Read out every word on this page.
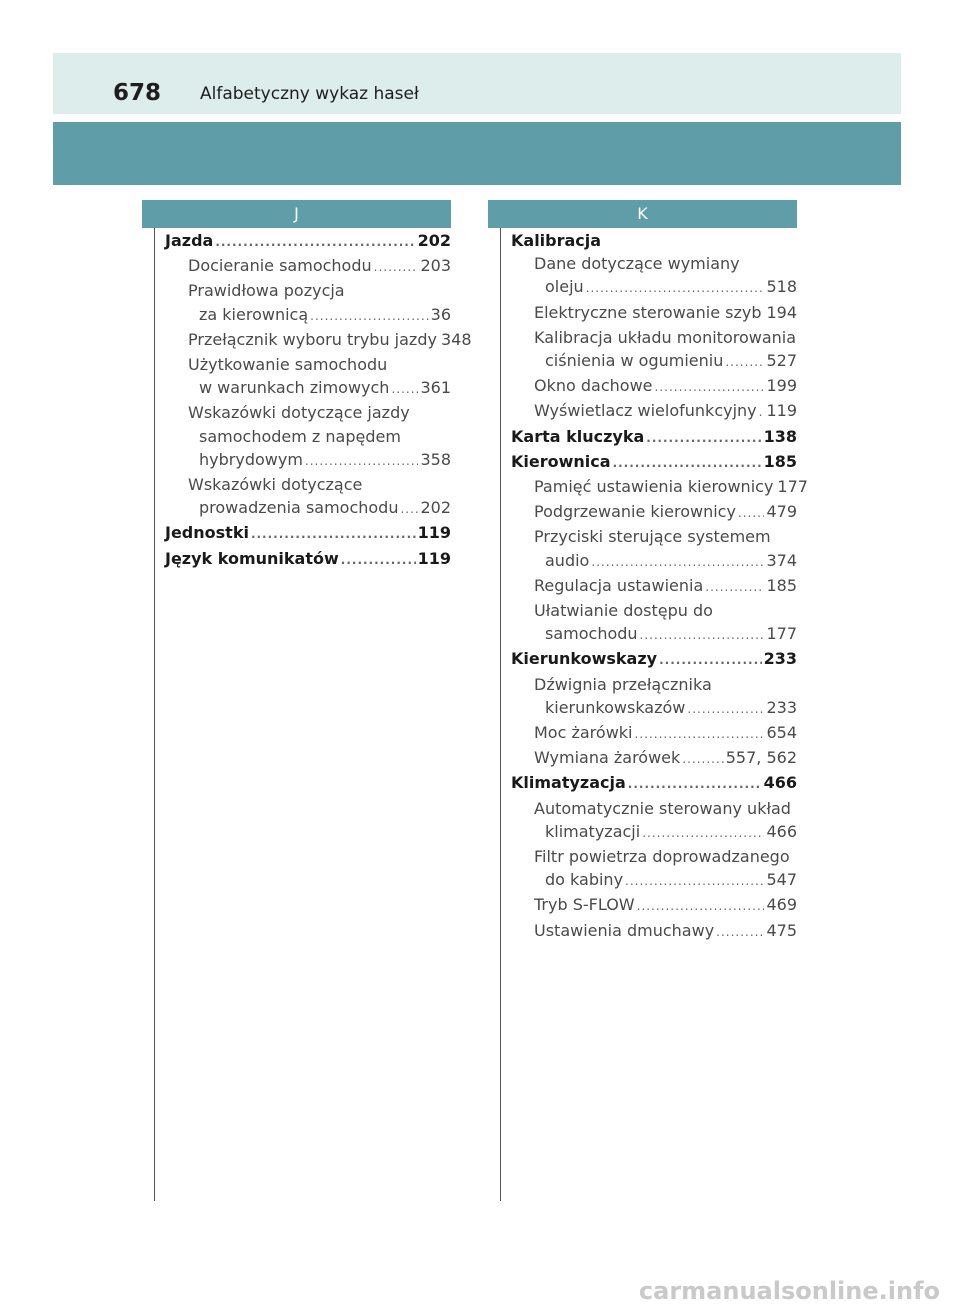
678 Alfabetyczny wykaz haseł
J
Jazda .....	202
Docieranie samochodu .....	203
Prawidłowa pozycja
za kierownicą .....	36
Przełącznik wyboru trybu jazdy 348
Użytkowanie samochodu
w warunkach zimowych ..... 361
Wskazówki dotyczące jazdy
samochodem z napędem
hybrydowym .....	358
Wskazówki dotyczące
prowadzenia samochodu ..... 202
Jednostki .....	119
Język komunikatów .....	119
K
Kalibracja
Dane dotyczące wymiany
oleju .....	518
Elektryczne sterowanie szyb ..... 194
Kalibracja układu monitorowania
ciśnienia w ogumieniu .....	527
Okno dachowe .....	199
Wyświetlacz wielofunkcyjny ..... 119
Karta kluczyka .....	138
Kierownica .....	185
Pamięć ustawienia kierownicy 177
Podgrzewanie kierownicy ..... 479
Przyciski sterujące systemem
audio .....	374
Regulacja ustawienia .....	185
Ułatwianie dostępu do
samochodu .....	177
Kierunkowskazy .....	233
Dźwignia przełącznika
kierunkowskazów .....	233
Moc żarówki .....	654
Wymiana żarówek .....	557, 562
Klimatyzacja .....	466
Automatycznie sterowany układ
klimatyzacji .....	466
Filtr powietrza doprowadzanego
do kabiny .....	547
Tryb S-FLOW .....	469
Ustawienia dmuchawy .....	475
carmanualsonline.info
